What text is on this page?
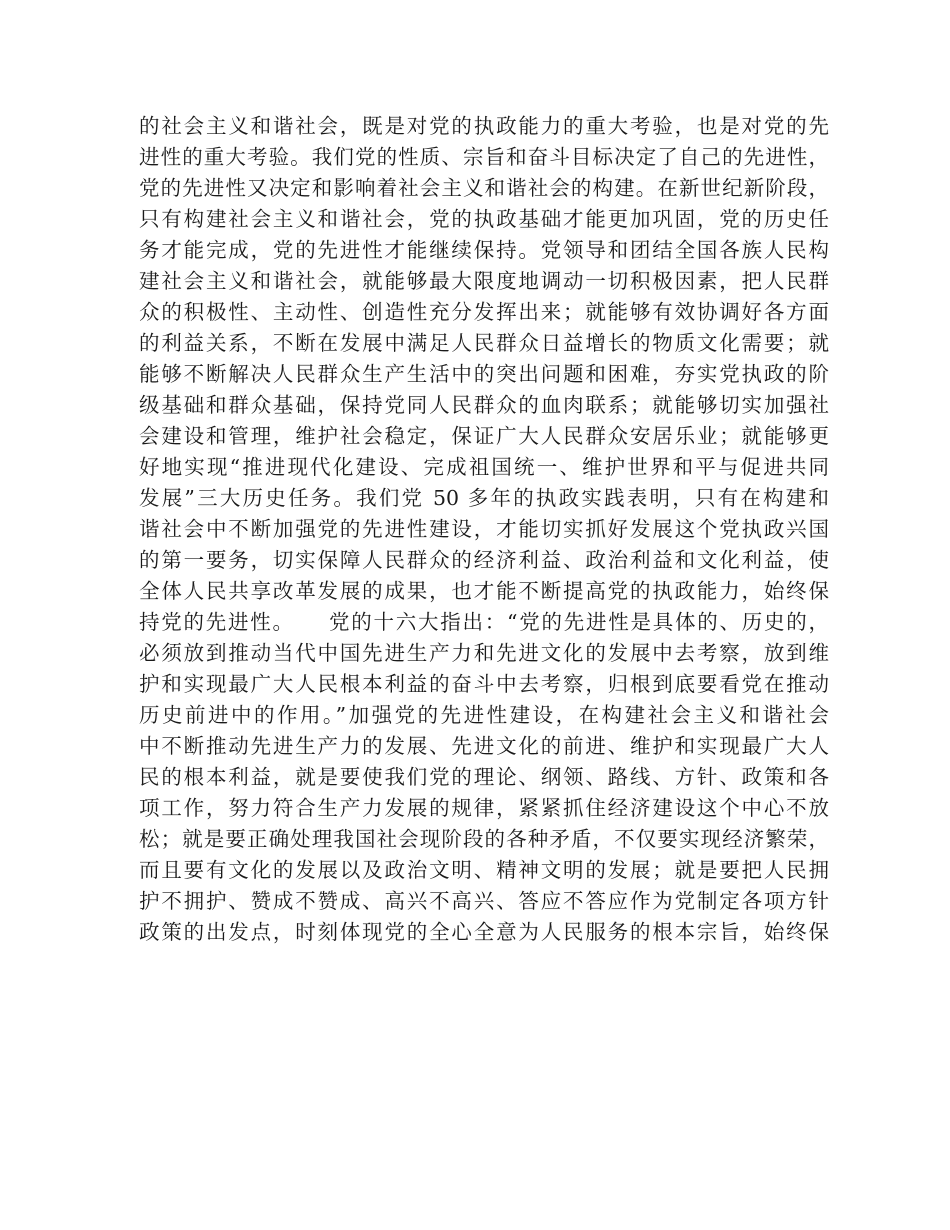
的社会主义和谐社会，既是对党的执政能力的重大考验，也是对党的先
进性的重大考验。我们党的性质、宗旨和奋斗目标决定了自己的先进性，
党的先进性又决定和影响着社会主义和谐社会的构建。在新世纪新阶段，
只有构建社会主义和谐社会，党的执政基础才能更加巩固，党的历史任
务才能完成，党的先进性才能继续保持。党领导和团结全国各族人民构
建社会主义和谐社会，就能够最大限度地调动一切积极因素，把人民群
众的积极性、主动性、创造性充分发挥出来；就能够有效协调好各方面
的利益关系，不断在发展中满足人民群众日益增长的物质文化需要；就
能够不断解决人民群众生产生活中的突出问题和困难，夯实党执政的阶
级基础和群众基础，保持党同人民群众的血肉联系；就能够切实加强社
会建设和管理，维护社会稳定，保证广大人民群众安居乐业；就能够更
好地实现“推进现代化建设、完成祖国统一、维护世界和平与促进共同
发展”三大历史任务。我们党 50 多年的执政实践表明，只有在构建和
谐社会中不断加强党的先进性建设，才能切实抓好发展这个党执政兴国
的第一要务，切实保障人民群众的经济利益、政治利益和文化利益，使
全体人民共享改革发展的成果，也才能不断提高党的执政能力，始终保
持党的先进性。　　党的十六大指出：“党的先进性是具体的、历史的，
必须放到推动当代中国先进生产力和先进文化的发展中去考察，放到维
护和实现最广大人民根本利益的奋斗中去考察，归根到底要看党在推动
历史前进中的作用。”加强党的先进性建设，在构建社会主义和谐社会
中不断推动先进生产力的发展、先进文化的前进、维护和实现最广大人
民的根本利益，就是要使我们党的理论、纲领、路线、方针、政策和各
项工作，努力符合生产力发展的规律，紧紧抓住经济建设这个中心不放
松；就是要正确处理我国社会现阶段的各种矛盾，不仅要实现经济繁荣，
而且要有文化的发展以及政治文明、精神文明的发展；就是要把人民拥
护不拥护、赞成不赞成、高兴不高兴、答应不答应作为党制定各项方针
政策的出发点，时刻体现党的全心全意为人民服务的根本宗旨，始终保
